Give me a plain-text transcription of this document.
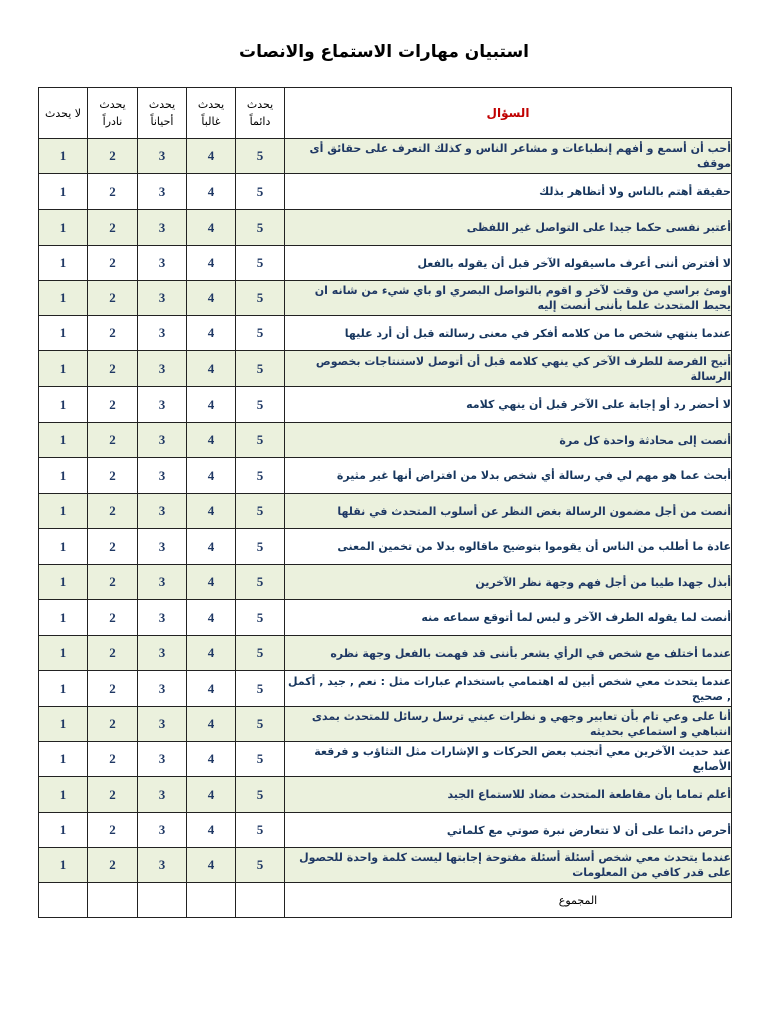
استبيان مهارات الاستماع والانصات
لا يحدث	يحدث نادراً	يحدث أحياناً	يحدث غالباً	يحدث دائماً	السؤال
1	2	3	4	5	أحب أن أسمع و أفهم إنطباعات و مشاعر الناس و كذلك التعرف على حقائق أى موقف
1	2	3	4	5	حقيقة أهتم بالناس ولا أتظاهر بذلك
1	2	3	4	5	أعتبر نفسى حكما جيدا على التواصل غير اللفظى
1	2	3	4	5	لا أفترض أننى أعرف ماسيقوله الآخر قبل أن يقوله بالفعل
1	2	3	4	5	اومئ براسي من وقت لآخر و اقوم بالتواصل البصري او باي شيء من شانه ان يحيط المتحدث علما بأننى أنصت إليه
1	2	3	4	5	عندما ينتهي شخص ما من كلامه أفكر في معنى رسالته قبل أن أرد عليها
1	2	3	4	5	أتيح الفرصة للطرف الآخر كي ينهي كلامه قبل أن أتوصل لاستنتاجات بخصوص الرسالة
1	2	3	4	5	لا أحضر رد أو إجابة على الآخر قبل أن ينهي كلامه
1	2	3	4	5	أنصت إلى محادثة واحدة كل مرة
1	2	3	4	5	أبحث عما هو مهم لي في رسالة أي شخص بدلا من افتراض أنها غير مثيرة
1	2	3	4	5	أنصت من أجل مضمون الرسالة بغض النظر عن أسلوب المتحدث في نقلها
1	2	3	4	5	عادة ما أطلب من الناس أن يقوموا بتوضيح ماقالوه بدلا من تخمين المعنى
1	2	3	4	5	أبذل جهدا طيبا من أجل فهم وجهة نظر الآخرين
1	2	3	4	5	أنصت لما يقوله الطرف الآخر و ليس لما أتوقع سماعه منه
1	2	3	4	5	عندما أختلف مع شخص في الرأي يشعر بأننى قد فهمت بالفعل وجهة نظره
1	2	3	4	5	عندما يتحدث معي شخص أبين له اهتمامي باستخدام عبارات مثل : نعم , جيد , أكمل , صحيح
1	2	3	4	5	أنا على وعي تام بأن تعابير وجهي و نظرات عيني ترسل رسائل للمتحدث بمدى انتباهي و استماعي بحديثه
1	2	3	4	5	عند حديث الآخرين معي أتجنب بعض الحركات و الإشارات مثل التثاؤب و فرقعة الأصابع
1	2	3	4	5	أعلم تماما بأن مقاطعة المتحدث مضاد للاستماع الجيد
1	2	3	4	5	أحرص دائما على أن لا تتعارض نبرة صوتي مع كلماتي
1	2	3	4	5	عندما يتحدث معي شخص أسئلة أسئلة مفتوحة إجابتها ليست كلمة واحدة للحصول على قدر كافي من المعلومات
					المجموع
